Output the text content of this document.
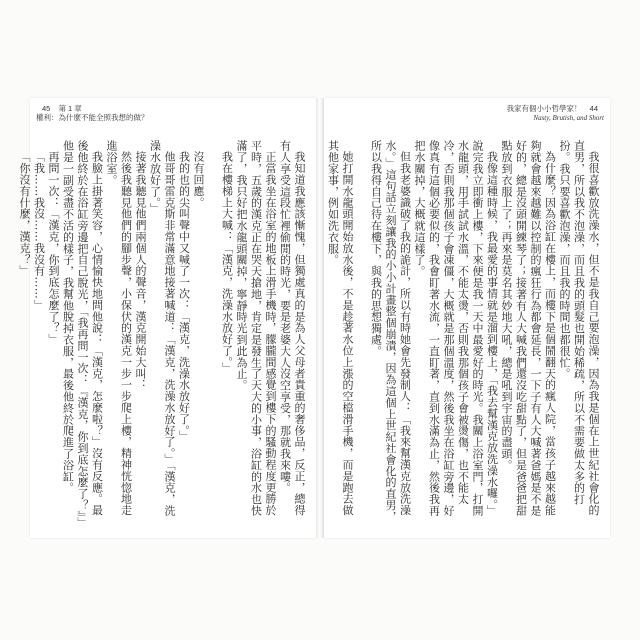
45 第 1 章
權利：為什麼不能全照我想的做？

我知道我應該慚愧，但獨處真的是為人父母者貴重的奢侈品，反正，總得有人享受這段忙裡偷閒的時光，要是老婆大人沒空享受，那就我來嘍。

正當我坐在浴室的地板上滑手機時，朦朧間感覺到樓下的騷動程度更勝於平時，五歲的漢克正在哭天搶地，肯定是發生了天大的小事，浴缸的水也快滿了，我只好把水龍頭關掉，寧靜時光到此為止。

我在樓梯上大喊：「漢克，洗澡水放好了。」

沒有回應。

我的也的尖叫聲中又喊了一次：「漢克，洗澡水放好了。」

他哥哥雷克斯非常滿意地接著喊道：「漢克，洗澡水放好了。」「漢克，洗澡水放好了。」

接著我聽見他們兩個人的聲音，漢克開始大叫：

然後我聽見他們的腳步聲，小保伏的漢克一步一步爬上樓，精神恍惚地走進浴室。

我臉上掛著笑容，心情愉快地問他說：「漢克，怎麼啦？」沒有反應。最後他終於在浴缸旁邊把自己脫光，「我再問一次：『漢克，你到底怎麼了？』」他是一副受盡不活的樣子，我幫他脫掉衣服，最後他終於爬進了浴缸。

再問一次：「漢克，你到底怎麼了？」

「我……我沒……我沒有……」

「你沒有什麼，漢克？」

我家有個小小哲學家！ 44
Nasty, Brutish, and Short

我很喜歡放洗澡水，但不是我自己要泡澡，因為我是個在上世紀社會化的直男，所以我不泡澡，而且我的頭髮也開始稀疏，所以不需要做太多的打扮。我只要喜歡泡澡，而且我的時間也都很忙。

為什麼？因為浴缸在樓上，而樓下是個鬧翻天的瘋人院，當孩子越來越能夠就會越來越難以控制的瘋狂行為都會延長，一下子有人大喊著爸媽是不是好的，總是沒頭開練琴了；接著有人大喊我們還沒吃甜點了，但是爸爸把甜點放到衣服上了；再來是莫名其妙地大吼，總是吼到宇宙的盡頭。

我像這種時候，我最愛的事情就是溜到樓上，「我去幫漢克放洗澡水囉。」說完我立即衝上樓，下來便是我一天中最愛好的時光。我關上浴室門，打開水龍頭，用手試試水溫，不能太燙，否則我那個孩子會被燙傷，也不能太冷，否則我那個孩子會凍僵，大概就是那個溫度，然後我坐在浴缸旁邊，好像真有這個必要似的，我會盯著水流，一直盯著，直到水滿為止，然後我再把水關掉，大概就這樣了。

但我老婆識破了我的詭計，所以有時她會先發制人：「我來幫漢克放洗澡水。」這句話立刻讓我的小小計畫整個崩潰，因為這個上世紀社會化的直男，所以我得自己待在樓下，與我的思想獨處。

她打開水龍頭開始放水後，不是趁著水位上漲的空檔滑手機，而是跑去做其他家事，例如洗衣服。
